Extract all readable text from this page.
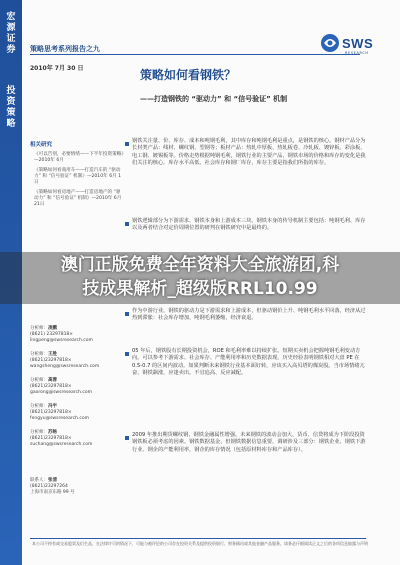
宏源证券
投资策略
策略思考系列报告之九	SWS
RESEARCH
2010年 7月 30 日	策略如何看钢铁？
——打造钢铁的 “驱动力” 和 “信号验证” 机制
相关研究
《可以告别，必要情绪——下半年投资策略》—2010年 6月
《策略如何看商用车——打造汽车的 “驱动力” 和 “信号验证” 机制》—2010年 6月 1日
《策略如何看房地产——打造房地产的 “驱动力” 和 “信号验证” 机制》—2010年 6月 21日
分析师：凌鹏
(8621) 23297818×
lingpeng@swsresearch.com
分析师：王胜
(8621)23297818×
wangsheng@swsresearch.com
分析师：高蓉
(8621)23297818×
gaorong@swsresearch.com
分析师：冯宇
(8621)23297818×
fengyu@swsresearch.com
分析师：苏畅
(8621)23297818×
suchang@swsresearch.com
联系人：张清
(8621)23297264
上海市南京东路 99 号
钢铁关注量、价、库存、成本和吨钢毛利，其中库存和吨钢毛利是重点，是钢铁的核心。钢材产品分为长材类产品：线材、螺纹钢、型钢等；板材产品：热轧中厚板、热轧板卷、冷轧板、镀锌板、彩涂板、电工钢、镀锡板等。价格走势根据吨钢毛利，钢铁行业的主要产品，钢铁市场的价格和库存的变化是我们关注的核心。库存水平高低、社会库存和钢厂库存，库存主要是指我们所指的库存。
钢铁逻辑部分为下游需求、钢铁本身和上游成本三块。钢铁本身的传导机制主要包括：吨钢毛利、库存以及两者结合对定价周期位置的研判在钢铁研究中是最终的。
作为中游行业，钢铁的驱动力是下游需求和上游成本，但驱动钢价上升、吨钢毛利水平回落，经济从过热到滞胀：社会库存增加，吨钢毛利萎缩，经济衰退。
05 年后，钢铁股有长期投资机会，ROE 和毛利率难以持续扩张。短期买卖机会把握吨钢毛利变动方向。可以参考下游需求、社会库存、产能利用率和历史数据表现。历史经验表明钢铁相对大盘 PE 在 0.5-0.7 的区间内波动。如果判断未来钢铁行业基本面好转，应该买入高贝塔的煤炭股。当市场情绪亢奋、钢铁飙涨，应逢卖出。不宜追高、反应减配。
2009 年推出期货螺纹钢，钢铁金融属性增强。未来钢铁的波动会加大，货币、信贷将成为下阶段投资钢铁板必须考虑的因素。钢铁数据基金，但钢铁数据信息重要，调研涉及三部分：钢铁企业、钢铁下游行业、钢企的产能利用率，钢企的库存情况（包括原材料库存和产品库存）。
澳门正版免费全年资料大全旅游团,科
技成果解析_超级版RRL10.99
本公司不持有或交易股票及衍生品，在法律许可的情况下，可能与被评论的公司存在投资关系及提供投资银行、财务顾问或其他金融产品服务。请务必仔细阅读正文之后的各项信息披露与声明
